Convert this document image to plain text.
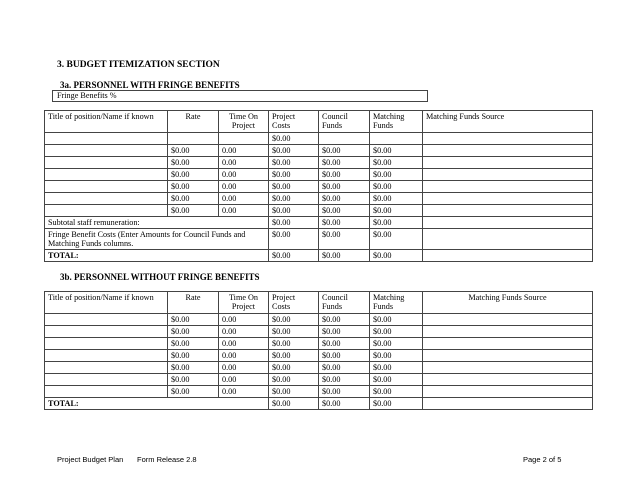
3. BUDGET ITEMIZATION SECTION
3a. PERSONNEL WITH FRINGE BENEFITS
Fringe Benefits %
Title of position/Name if known	Rate	Time On Project	Project Costs	Council Funds	Matching Funds	Matching Funds Source
			$0.00			
	$0.00	0.00	$0.00	$0.00	$0.00	
	$0.00	0.00	$0.00	$0.00	$0.00	
	$0.00	0.00	$0.00	$0.00	$0.00	
	$0.00	0.00	$0.00	$0.00	$0.00	
	$0.00	0.00	$0.00	$0.00	$0.00	
	$0.00	0.00	$0.00	$0.00	$0.00	
Subtotal staff remuneration:			$0.00	$0.00	$0.00	
Fringe Benefit Costs (Enter Amounts for Council Funds and Matching Funds columns.			$0.00	$0.00	$0.00	
TOTAL:			$0.00	$0.00	$0.00	
3b. PERSONNEL WITHOUT FRINGE BENEFITS
Title of position/Name if known	Rate	Time On Project	Project Costs	Council Funds	Matching Funds	Matching Funds Source
	$0.00	0.00	$0.00	$0.00	$0.00	
	$0.00	0.00	$0.00	$0.00	$0.00	
	$0.00	0.00	$0.00	$0.00	$0.00	
	$0.00	0.00	$0.00	$0.00	$0.00	
	$0.00	0.00	$0.00	$0.00	$0.00	
	$0.00	0.00	$0.00	$0.00	$0.00	
	$0.00	0.00	$0.00	$0.00	$0.00	
TOTAL:			$0.00	$0.00	$0.00	
Project Budget Plan Form Release 2.8	Page 2 of 5
